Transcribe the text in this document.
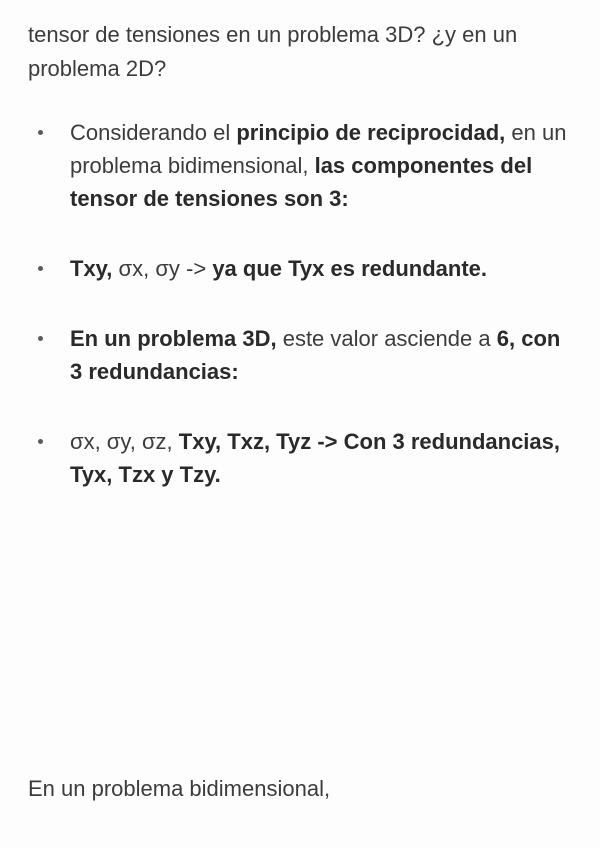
tensor de tensiones en un problema 3D? ¿y en un problema 2D?

Considerando el principio de reciprocidad, en un problema bidimensional, las componentes del tensor de tensiones son 3:
Txy, σx, σy -> ya que Tyx es redundante.
En un problema 3D, este valor asciende a 6, con 3 redundancias:
σx, σy, σz, Txy, Txz, Tyz -> Con 3 redundancias, Tyx, Tzx y Tzy.

En un problema bidimensional,
